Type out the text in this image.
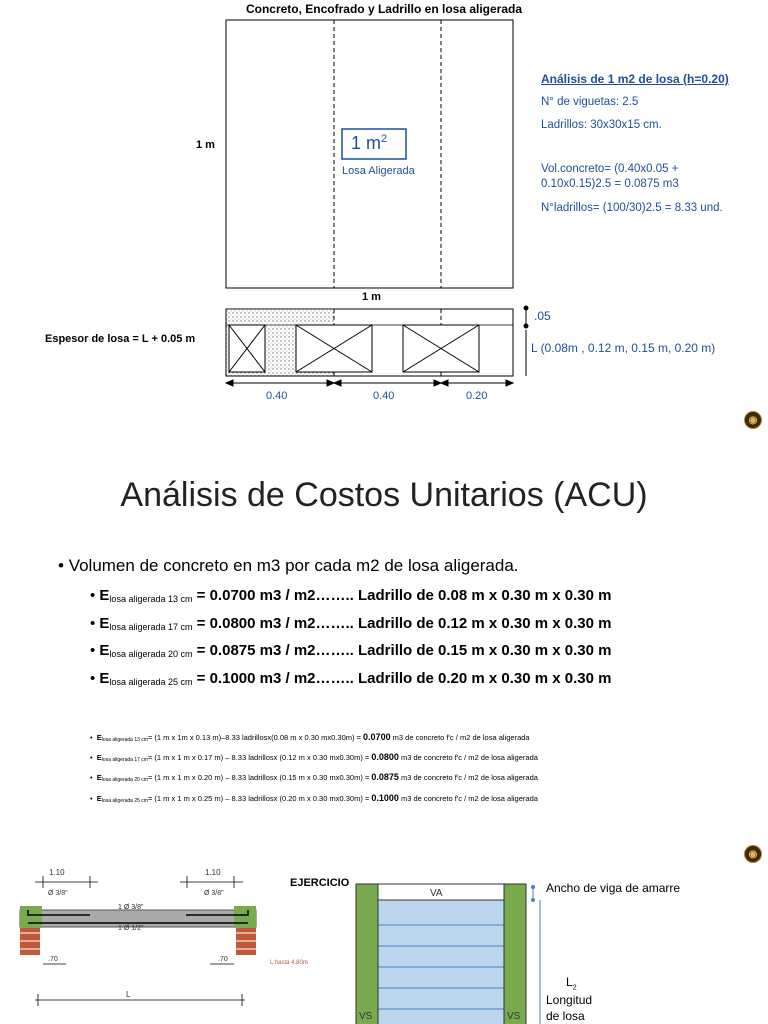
Concreto, Encofrado y Ladrillo en losa aligerada
1 m
1 m
1 $m^2$
Losa Aligerada
Espesor de losa = L + 0.05 m
.05
L (0.08m , 0.12 m, 0.15 m, 0.20 m)
0.40	0.40	0.20
Análisis de 1 m2 de losa (h=0.20)
N° de viguetas: 2.5
Ladrillos: 30x30x15 cm.
Vol.concreto= (0.40x0.05 +
0.10x0.15)2.5 = 0.0875 m3
N°ladrillos= (100/30)2.5 = 8.33 und.
◉
Análisis de Costos Unitarios (ACU)
• Volumen de concreto en m3 por cada m2 de losa aligerada.
• $E_{losa aligerada 13 cm} = 0.0700$ m3 / m2…….. Ladrillo de 0.08 m x 0.30 m x 0.30 m
• $E_{losa aligerada 17 cm} = 0.0800$ m3 / m2…….. Ladrillo de 0.12 m x 0.30 m x 0.30 m
• $E_{losa aligerada 20 cm} = 0.0875$ m3 / m2…….. Ladrillo de 0.15 m x 0.30 m x 0.30 m
• $E_{losa aligerada 25 cm} = 0.1000$ m3 / m2…….. Ladrillo de 0.20 m x 0.30 m x 0.30 m
•  Elosa aligerada 13 cm= (1 m x 1m x 0.13 m)–8.33 ladrillosx(0.08 m x 0.30 mx0.30m) = 0.0700 m3 de concreto f'c / m2 de losa aligerada
•  Elosa aligerada 17 cm= (1 m x 1 m x 0.17 m) – 8.33 ladrillosx (0.12 m x 0.30 mx0.30m) = 0.0800 m3 de concreto f'c / m2 de losa aligerada
•  Elosa aligerada 20 cm= (1 m x 1 m x 0.20 m) – 8.33 ladrillosx (0.15 m x 0.30 mx0.30m) = 0.0875 m3 de concreto f'c / m2 de losa aligerada
•  Elosa aligerada 25 cm= (1 m x 1 m x 0.25 m) – 8.33 ladrillosx (0.20 m x 0.30 mx0.30m) = 0.1000 m3 de concreto f'c / m2 de losa aligerada
◉
1.10	1.10
Ø 3/8"	Ø 3/8"
1 Ø 3/8"
1 Ø 1/2"
.70	.70
L
L hasta 4.80m
EJERCICIO
VA
VS	VS
Ancho de viga de amarre
$L_2$
Longitud
de losa
